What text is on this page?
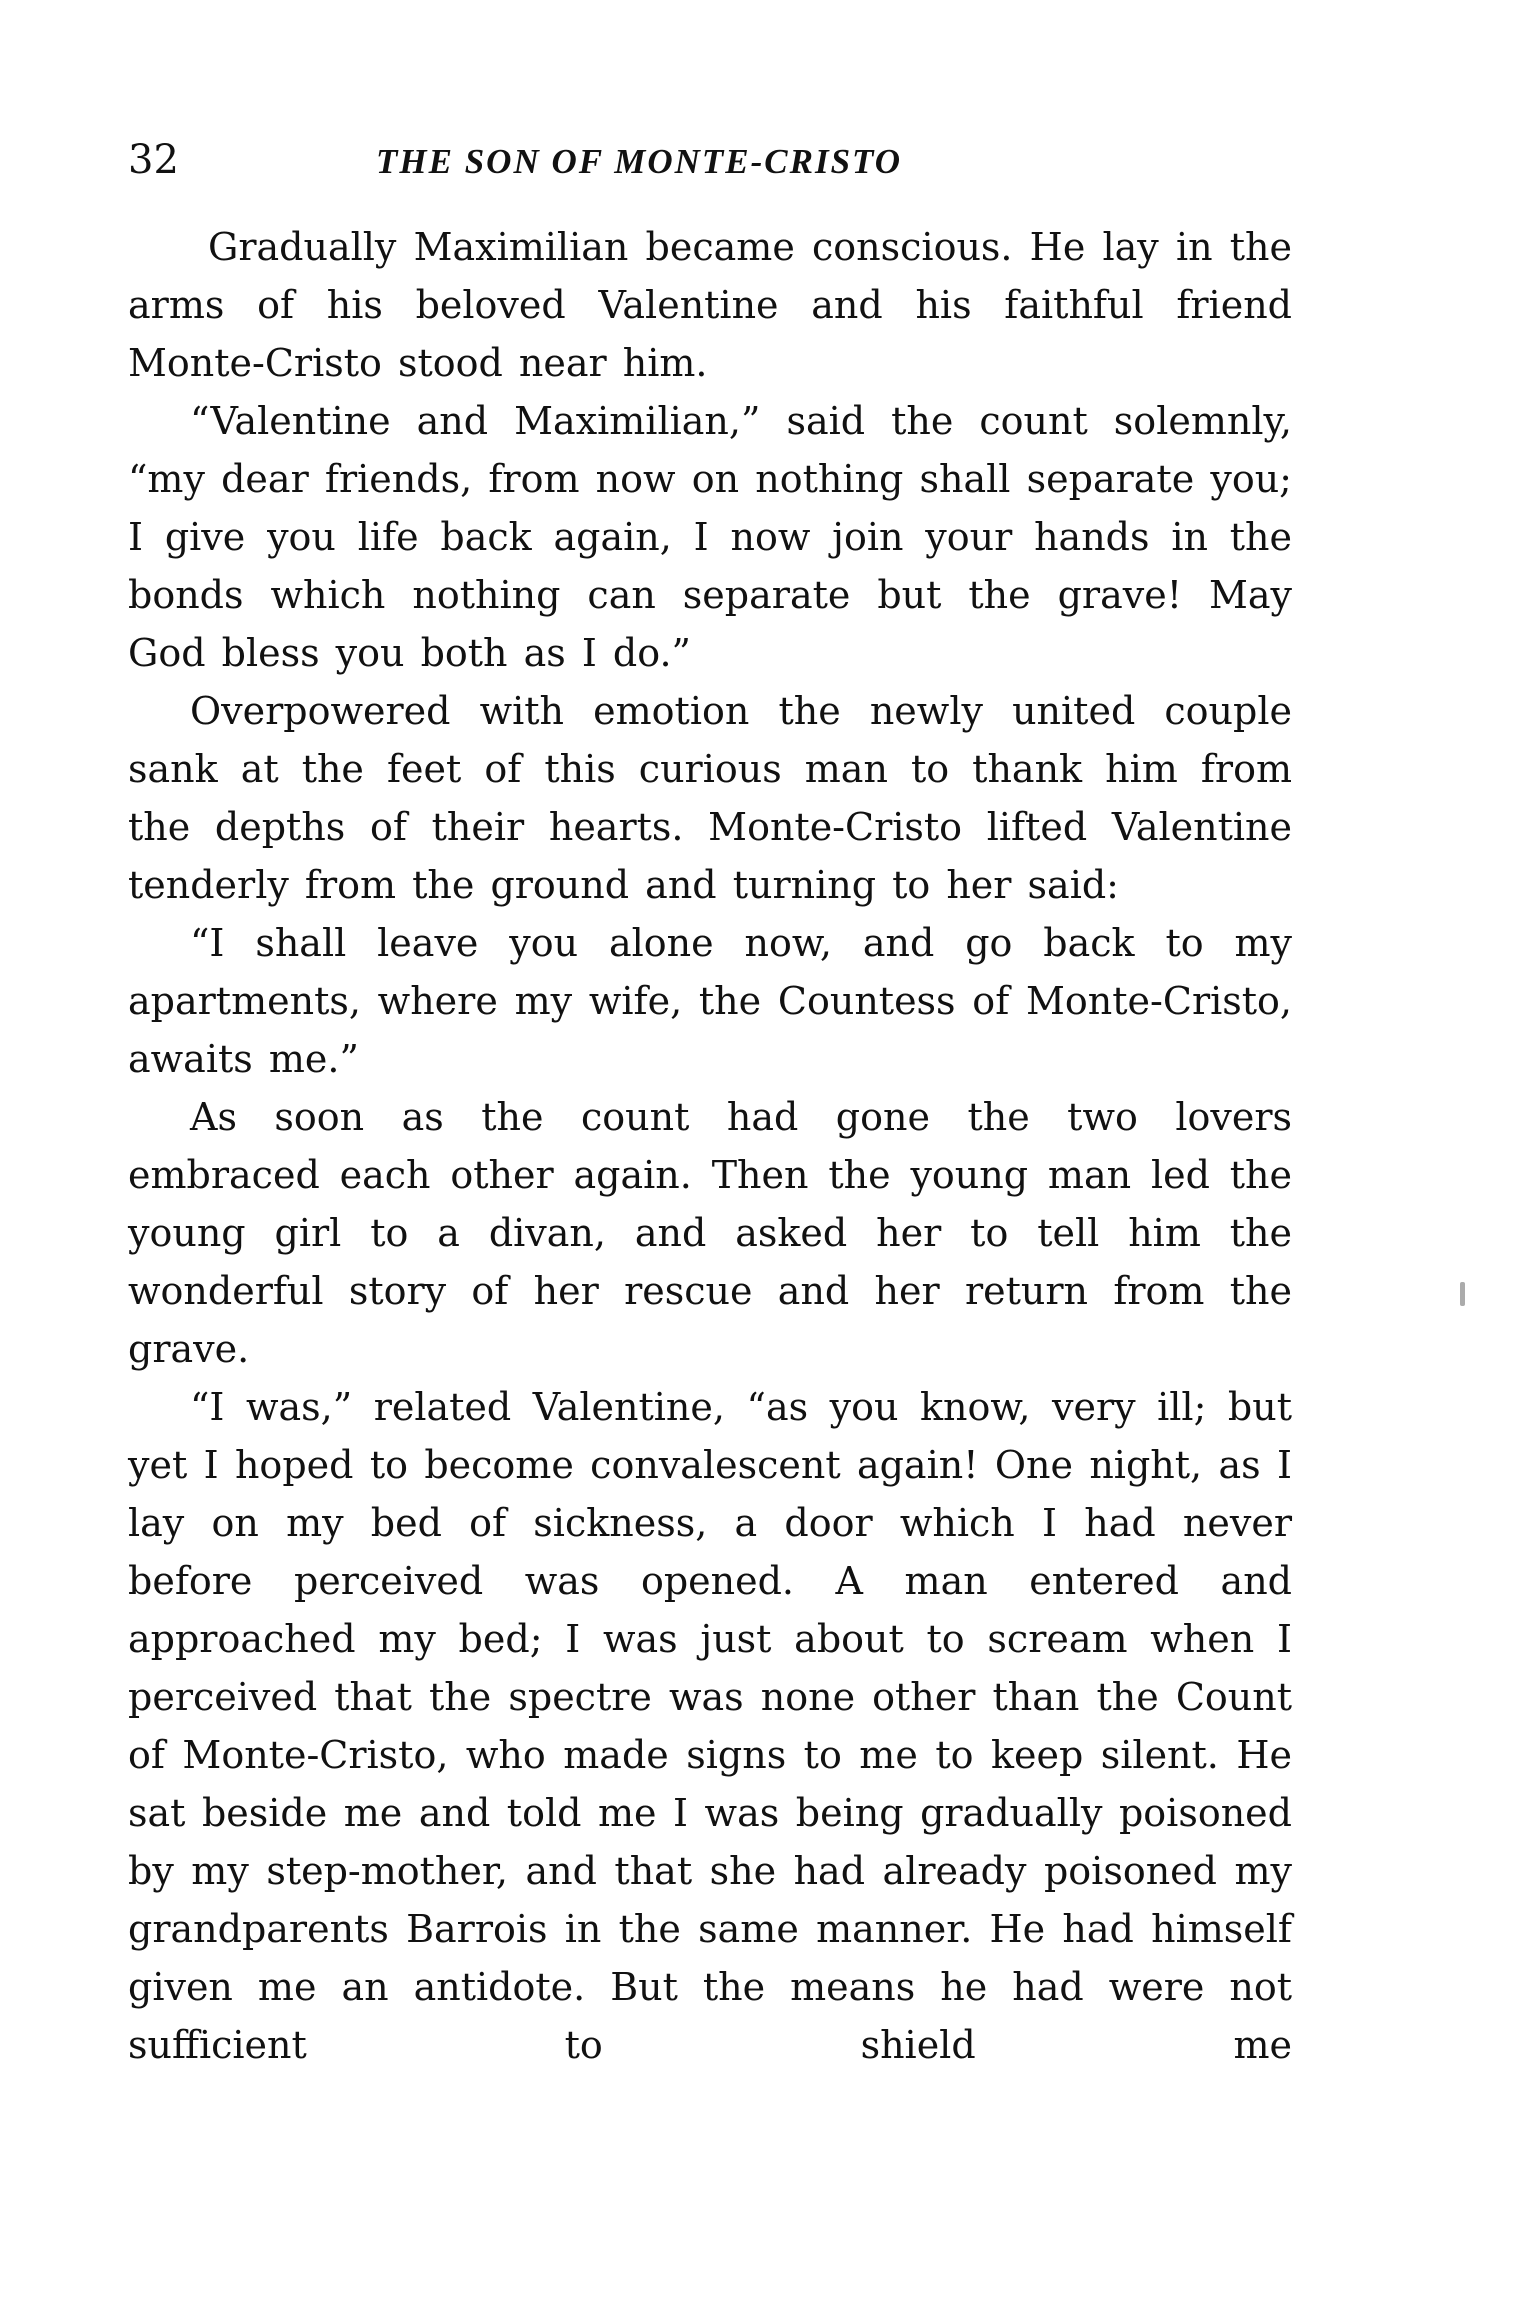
32	THE SON OF MONTE-CRISTO

Gradually Maximilian became conscious. He lay in the arms of his beloved Valentine and his faithful friend Monte-Cristo stood near him.

“Valentine and Maximilian,” said the count solemnly, “my dear friends, from now on nothing shall separate you; I give you life back again, I now join your hands in the bonds which nothing can separate but the grave! May God bless you both as I do.”

Overpowered with emotion the newly united couple sank at the feet of this curious man to thank him from the depths of their hearts. Monte-Cristo lifted Valentine tenderly from the ground and turning to her said:

“I shall leave you alone now, and go back to my apartments, where my wife, the Countess of Monte-Cristo, awaits me.”

As soon as the count had gone the two lovers embraced each other again. Then the young man led the young girl to a divan, and asked her to tell him the wonderful story of her rescue and her return from the grave.

“I was,” related Valentine, “as you know, very ill; but yet I hoped to become convalescent again! One night, as I lay on my bed of sickness, a door which I had never before perceived was opened. A man entered and approached my bed; I was just about to scream when I perceived that the spectre was none other than the Count of Monte-Cristo, who made signs to me to keep silent. He sat beside me and told me I was being gradually poisoned by my step-mother, and that she had already poisoned my grandparents Barrois in the same manner. He had himself given me an antidote. But the means he had were not sufficient to shield me
